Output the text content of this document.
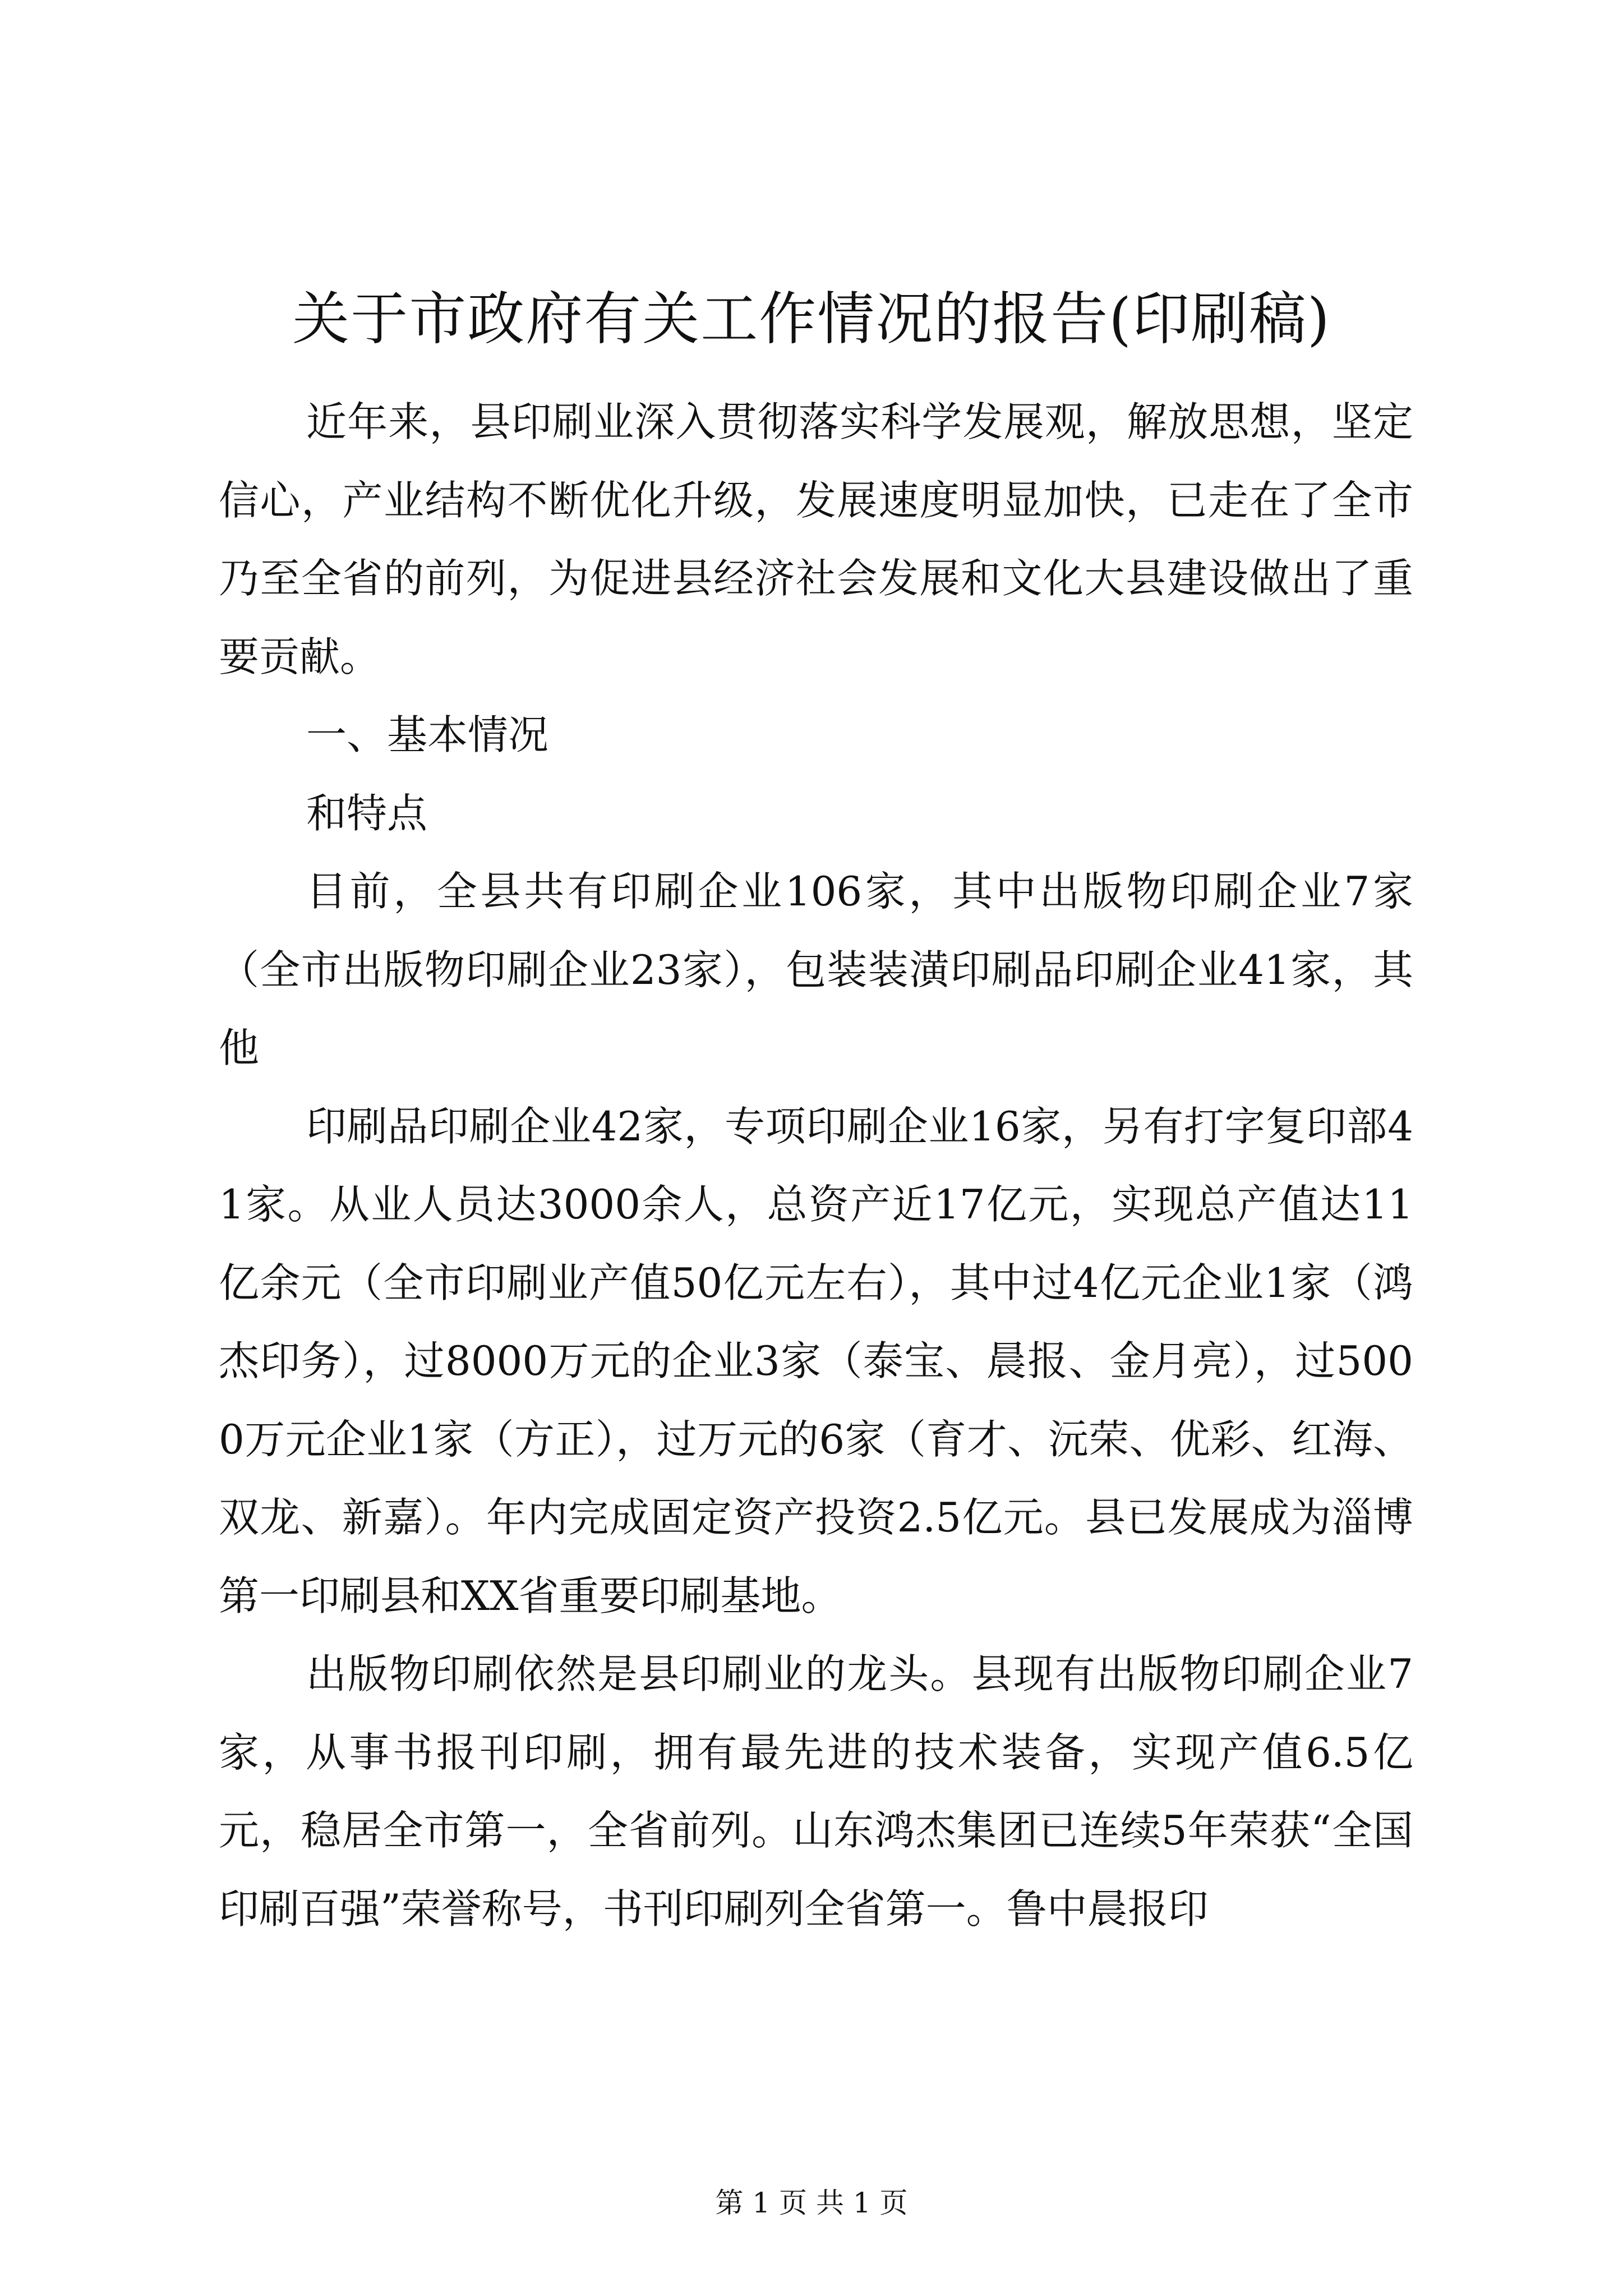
关于市政府有关工作情况的报告(印刷稿)

近年来，县印刷业深入贯彻落实科学发展观，解放思想，坚定信心，产业结构不断优化升级，发展速度明显加快，已走在了全市乃至全省的前列，为促进县经济社会发展和文化大县建设做出了重要贡献。

一、基本情况

和特点

目前，全县共有印刷企业106家，其中出版物印刷企业7家（全市出版物印刷企业23家），包装装潢印刷品印刷企业41家，其他

印刷品印刷企业42家，专项印刷企业16家，另有打字复印部41家。从业人员达3000余人，总资产近17亿元，实现总产值达11亿余元（全市印刷业产值50亿元左右），其中过4亿元企业1家（鸿杰印务），过8000万元的企业3家（泰宝、晨报、金月亮），过5000万元企业1家（方正），过万元的6家（育才、沅荣、优彩、红海、双龙、新嘉）。年内完成固定资产投资2.5亿元。县已发展成为淄博第一印刷县和XX省重要印刷基地。

出版物印刷依然是县印刷业的龙头。县现有出版物印刷企业7家，从事书报刊印刷，拥有最先进的技术装备，实现产值6.5亿元，稳居全市第一，全省前列。山东鸿杰集团已连续5年荣获“全国印刷百强”荣誉称号，书刊印刷列全省第一。鲁中晨报印

第 1 页 共 1 页
